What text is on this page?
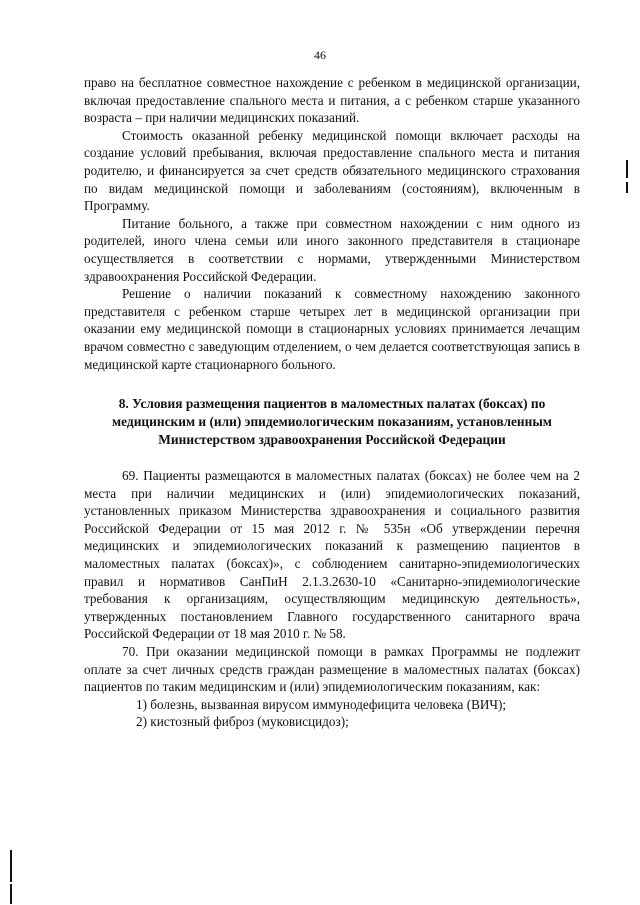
46

право на бесплатное совместное нахождение с ребенком в медицинской организации, включая предоставление спального места и питания, а с ребенком старше указанного возраста – при наличии медицинских показаний.

Стоимость оказанной ребенку медицинской помощи включает расходы на создание условий пребывания, включая предоставление спального места и питания родителю, и финансируется за счет средств обязательного медицинского страхования по видам медицинской помощи и заболеваниям (состояниям), включенным в Программу.

Питание больного, а также при совместном нахождении с ним одного из родителей, иного члена семьи или иного законного представителя в стационаре осуществляется в соответствии с нормами, утвержденными Министерством здравоохранения Российской Федерации.

Решение о наличии показаний к совместному нахождению законного представителя с ребенком старше четырех лет в медицинской организации при оказании ему медицинской помощи в стационарных условиях принимается лечащим врачом совместно с заведующим отделением, о чем делается соответствующая запись в медицинской карте стационарного больного.

8. Условия размещения пациентов в маломестных палатах (боксах) по медицинским и (или) эпидемиологическим показаниям, установленным Министерством здравоохранения Российской Федерации

69. Пациенты размещаются в маломестных палатах (боксах) не более чем на 2 места при наличии медицинских и (или) эпидемиологических показаний, установленных приказом Министерства здравоохранения и социального развития Российской Федерации от 15 мая 2012 г. № 535н «Об утверждении перечня медицинских и эпидемиологических показаний к размещению пациентов в маломестных палатах (боксах)», с соблюдением санитарно-эпидемиологических правил и нормативов СанПиН 2.1.3.2630-10 «Санитарно-эпидемиологические требования к организациям, осуществляющим медицинскую деятельность», утвержденных постановлением Главного государственного санитарного врача Российской Федерации от 18 мая 2010 г. № 58.

70. При оказании медицинской помощи в рамках Программы не подлежит оплате за счет личных средств граждан размещение в маломестных палатах (боксах) пациентов по таким медицинским и (или) эпидемиологическим показаниям, как:

1) болезнь, вызванная вирусом иммунодефицита человека (ВИЧ);

2) кистозный фиброз (муковисцидоз);
